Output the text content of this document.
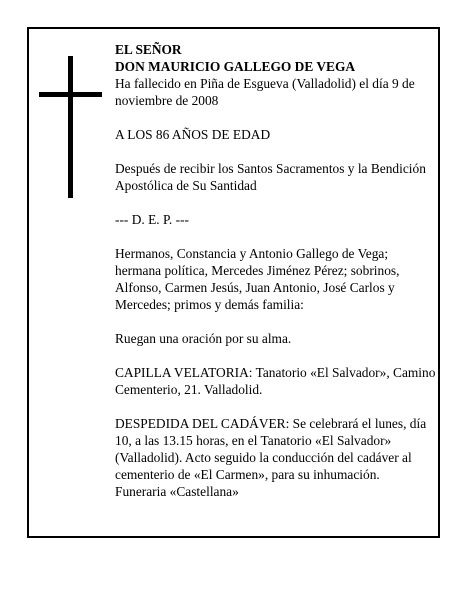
EL SEÑOR

DON MAURICIO GALLEGO DE VEGA

Ha fallecido en Piña de Esgueva (Valladolid) el día 9 de noviembre de 2008

A LOS 86 AÑOS DE EDAD

Después de recibir los Santos Sacramentos y la Bendición Apostólica de Su Santidad

--- D. E. P. ---

Hermanos, Constancia y Antonio Gallego de Vega; hermana política, Mercedes Jiménez Pérez; sobrinos, Alfonso, Carmen Jesús, Juan Antonio, José Carlos y Mercedes; primos y demás familia:

Ruegan una oración por su alma.

CAPILLA VELATORIA: Tanatorio «El Salvador», Camino Cementerio, 21. Valladolid.

DESPEDIDA DEL CADÁVER: Se celebrará el lunes, día 10, a las 13.15 horas, en el Tanatorio «El Salvador» (Valladolid). Acto seguido la conducción del cadáver al cementerio de «El Carmen», para su inhumación.

Funeraria «Castellana»
